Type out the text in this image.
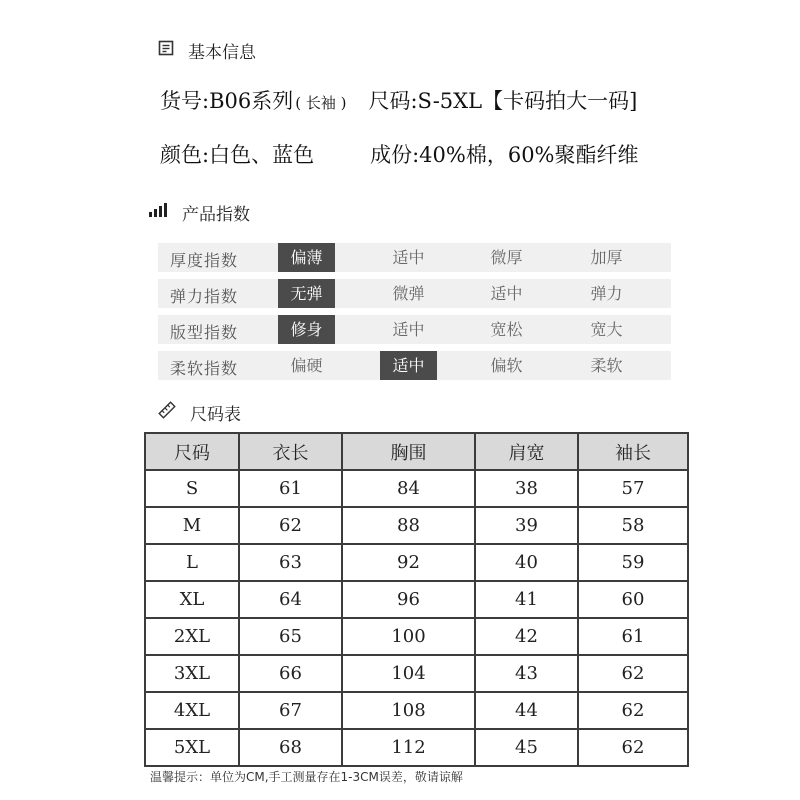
基本信息
货号:B06系列 ( 长袖 ) 尺码:S-5XL【卡码拍大一码]
颜色:白色、蓝色	成份:40%棉，60%聚酯纤维
产品指数
厚度指数	偏薄	适中	微厚	加厚
弹力指数	无弹	微弹	适中	弹力
版型指数	修身	适中	宽松	宽大
柔软指数	偏硬	适中	偏软	柔软
尺码表
尺码	衣长	胸围	肩宽	袖长
S	61	84	38	57
M	62	88	39	58
L	63	92	40	59
XL	64	96	41	60
2XL	65	100	42	61
3XL	66	104	43	62
4XL	67	108	44	62
5XL	68	112	45	62
温馨提示：单位为CM,手工测量存在1-3CM误差，敬请谅解
